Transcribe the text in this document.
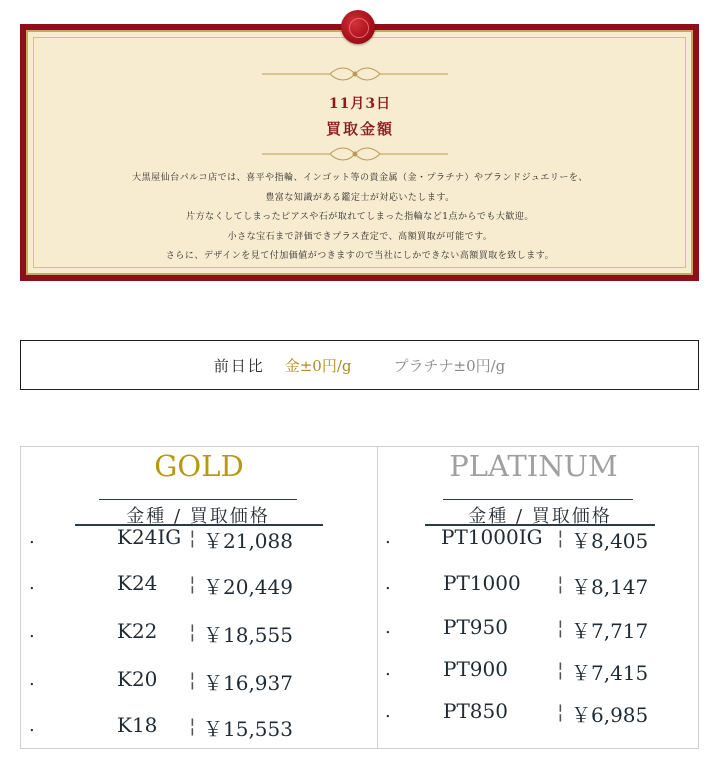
11月3日
買取金額
大黒屋仙台パルコ店では、喜平や指輪、インゴット等の貴金属（金・プラチナ）やブランドジュエリーを、
豊富な知識がある鑑定士が対応いたします。
片方なくしてしまったピアスや石が取れてしまった指輪など1点からでも大歓迎。
小さな宝石まで評価できプラス査定で、高額買取が可能です。
さらに、デザインを見て付加価値がつきますので当社にしかできない高額買取を致します。
前日比 金±0円/g	プラチナ±0円/g
GOLD
金種 / 買取価格
.	K24IG ¦ ￥21,088
.	K24 ¦ ￥20,449
.	K22 ¦ ￥18,555
.	K20 ¦ ￥16,937
.	K18 ¦ ￥15,553
PLATINUM
金種 / 買取価格
.	PT1000IG ¦ ￥8,405
.	PT1000 ¦ ￥8,147
.	PT950 ¦ ￥7,717
.	PT900 ¦ ￥7,415
.	PT850 ¦ ￥6,985
